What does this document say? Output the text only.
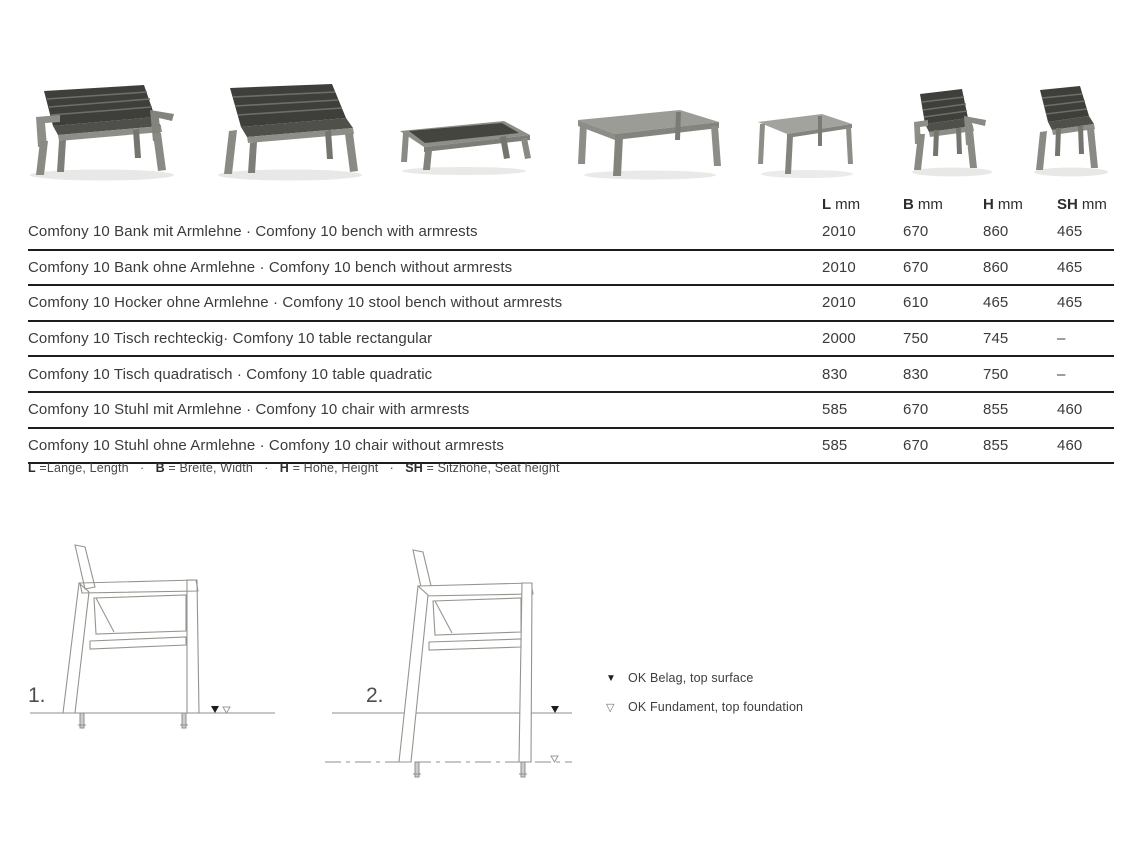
L mm	B mm	H mm	SH mm
Comfony 10 Bank mit Armlehne · Comfony 10 bench with armrests	2010	670	860	465
Comfony 10 Bank ohne Armlehne · Comfony 10 bench without armrests	2010	670	860	465
Comfony 10 Hocker ohne Armlehne · Comfony 10 stool bench without armrests	2010	610	465	465
Comfony 10 Tisch rechteckig· Comfony 10 table rectangular	2000	750	745	–
Comfony 10 Tisch quadratisch · Comfony 10 table quadratic	830	830	750	–
Comfony 10 Stuhl mit Armlehne · Comfony 10 chair with armrests	585	670	855	460
Comfony 10 Stuhl ohne Armlehne · Comfony 10 chair without armrests	585	670	855	460
L =Länge, Length  ·  B = Breite, Width  ·  H = Höhe, Height  ·  SH = Sitzhöhe, Seat height
1.	2.
▼ OK Belag, top surface
▽	OK Fundament, top foundation
